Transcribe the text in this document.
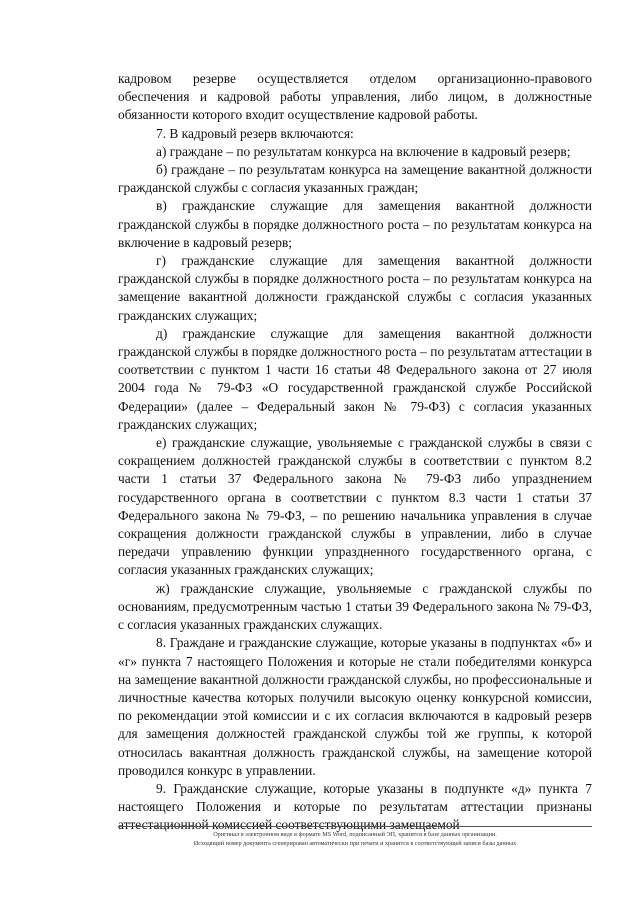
кадровом резерве осуществляется отделом организационно-правового обеспечения и кадровой работы управления, либо лицом, в должностные обязанности которого входит осуществление кадровой работы.

7. В кадровый резерв включаются:

а) граждане – по результатам конкурса на включение в кадровый резерв;

б) граждане – по результатам конкурса на замещение вакантной должности гражданской службы с согласия указанных граждан;

в) гражданские служащие для замещения вакантной должности гражданской службы в порядке должностного роста – по результатам конкурса на включение в кадровый резерв;

г) гражданские служащие для замещения вакантной должности гражданской службы в порядке должностного роста – по результатам конкурса на замещение вакантной должности гражданской службы с согласия указанных гражданских служащих;

д) гражданские служащие для замещения вакантной должности гражданской службы в порядке должностного роста – по результатам аттестации в соответствии с пунктом 1 части 16 статьи 48 Федерального закона от 27 июля 2004 года № 79-ФЗ «О государственной гражданской службе Российской Федерации» (далее – Федеральный закон № 79-ФЗ) с согласия указанных гражданских служащих;

е) гражданские служащие, увольняемые с гражданской службы в связи с сокращением должностей гражданской службы в соответствии с пунктом 8.2 части 1 статьи 37 Федерального закона № 79-ФЗ либо упразднением государственного органа в соответствии с пунктом 8.3 части 1 статьи 37 Федерального закона № 79-ФЗ, – по решению начальника управления в случае сокращения должности гражданской службы в управлении, либо в случае передачи управлению функции упраздненного государственного органа, с согласия указанных гражданских служащих;

ж) гражданские служащие, увольняемые с гражданской службы по основаниям, предусмотренным частью 1 статьи 39 Федерального закона № 79-ФЗ, с согласия указанных гражданских служащих.

8. Граждане и гражданские служащие, которые указаны в подпунктах «б» и «г» пункта 7 настоящего Положения и которые не стали победителями конкурса на замещение вакантной должности гражданской службы, но профессиональные и личностные качества которых получили высокую оценку конкурсной комиссии, по рекомендации этой комиссии и с их согласия включаются в кадровый резерв для замещения должностей гражданской службы той же группы, к которой относилась вакантная должность гражданской службы, на замещение которой проводился конкурс в управлении.

9. Гражданские служащие, которые указаны в подпункте «д» пункта 7 настоящего Положения и которые по результатам аттестации признаны аттестационной комиссией соответствующими замещаемой

Оригинал в электронном виде в формате MS Word, подписанный ЭП, хранится в базе данных организации.
Исходящий номер документа сгенерирован автоматически при печати и хранится в соответствующей записи базы данных
